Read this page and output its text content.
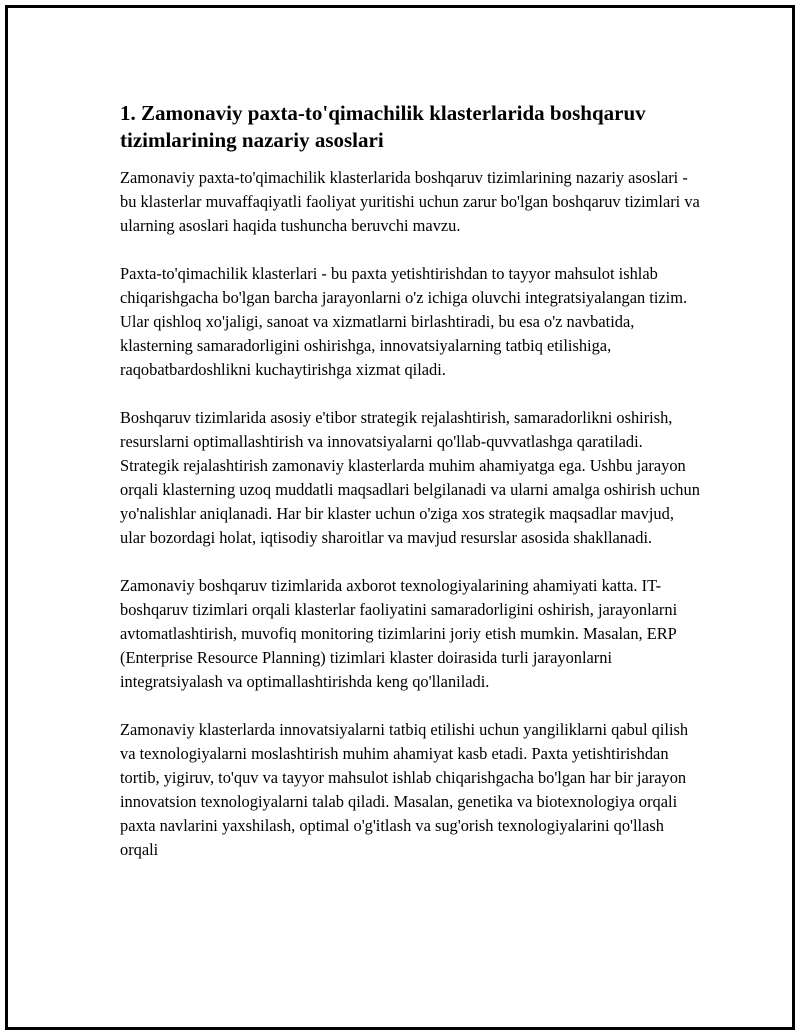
1. Zamonaviy paxta-to'qimachilik klasterlarida boshqaruv tizimlarining nazariy asoslari

Zamonaviy paxta-to'qimachilik klasterlarida boshqaruv tizimlarining nazariy asoslari - bu klasterlar muvaffaqiyatli faoliyat yuritishi uchun zarur bo'lgan boshqaruv tizimlari va ularning asoslari haqida tushuncha beruvchi mavzu.

Paxta-to'qimachilik klasterlari - bu paxta yetishtirishdan to tayyor mahsulot ishlab chiqarishgacha bo'lgan barcha jarayonlarni o'z ichiga oluvchi integratsiyalangan tizim. Ular qishloq xo'jaligi, sanoat va xizmatlarni birlashtiradi, bu esa o'z navbatida, klasterning samaradorligini oshirishga, innovatsiyalarning tatbiq etilishiga, raqobatbardoshlikni kuchaytirishga xizmat qiladi.

Boshqaruv tizimlarida asosiy e'tibor strategik rejalashtirish, samaradorlikni oshirish, resurslarni optimallashtirish va innovatsiyalarni qo'llab-quvvatlashga qaratiladi. Strategik rejalashtirish zamonaviy klasterlarda muhim ahamiyatga ega. Ushbu jarayon orqali klasterning uzoq muddatli maqsadlari belgilanadi va ularni amalga oshirish uchun yo'nalishlar aniqlanadi. Har bir klaster uchun o'ziga xos strategik maqsadlar mavjud, ular bozordagi holat, iqtisodiy sharoitlar va mavjud resurslar asosida shakllanadi.

Zamonaviy boshqaruv tizimlarida axborot texnologiyalarining ahamiyati katta. IT-boshqaruv tizimlari orqali klasterlar faoliyatini samaradorligini oshirish, jarayonlarni avtomatlashtirish, muvofiq monitoring tizimlarini joriy etish mumkin. Masalan, ERP (Enterprise Resource Planning) tizimlari klaster doirasida turli jarayonlarni integratsiyalash va optimallashtirishda keng qo'llaniladi.

Zamonaviy klasterlarda innovatsiyalarni tatbiq etilishi uchun yangiliklarni qabul qilish va texnologiyalarni moslashtirish muhim ahamiyat kasb etadi. Paxta yetishtirishdan tortib, yigiruv, to'quv va tayyor mahsulot ishlab chiqarishgacha bo'lgan har bir jarayon innovatsion texnologiyalarni talab qiladi. Masalan, genetika va biotexnologiya orqali paxta navlarini yaxshilash, optimal o'g'itlash va sug'orish texnologiyalarini qo'llash orqali
